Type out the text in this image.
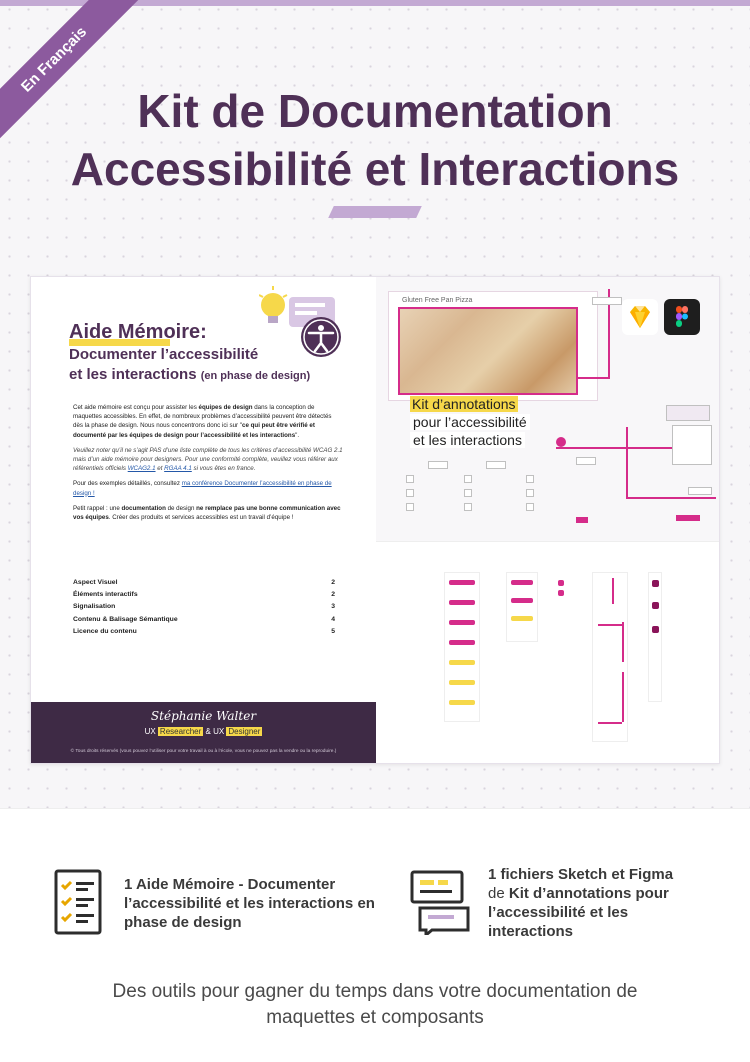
En Français
Kit de Documentation
Accessibilité et Interactions
Aide Mémoire:
Documenter l’accessibilité
et les interactions (en phase de design)

Cet aide mémoire est conçu pour assister les équipes de design dans la conception de maquettes accessibles. En effet, de nombreux problèmes d’accessibilité peuvent être détectés dès la phase de design. Nous nous concentrons donc ici sur "ce qui peut être vérifié et documenté par les équipes de design pour l’accessibilité et les interactions".

Veuillez noter qu’il ne s’agit PAS d’une liste complète de tous les critères d’accessibilité WCAG 2.1 mais d’un aide mémoire pour designers. Pour une conformité complète, veuillez vous référer aux référentiels officiels WCAG2.1 et RGAA 4.1 si vous êtes en france.

Pour des exemples détaillés, consultez ma conférence Documenter l’accessibilité en phase de design !

Petit rappel : une documentation de design ne remplace pas une bonne communication avec vos équipes. Créer des produits et services accessibles est un travail d’équipe !

Aspect Visuel	2
Éléments interactifs	2
Signalisation	3
Contenu & Balisage Sémantique	4
Licence du contenu	5
Stéphanie Walter
UX Researcher & UX Designer
© Tous droits réservés (vous pouvez l’utiliser pour votre travail à ou à l’école, vous ne pouvez pas la vendre ou la reproduire.)
Gluten Free Pan Pizza
Kit d’annotations
pour l’accessibilité
et les interactions
1 Aide Mémoire - Documenter
l’accessibilité et les interactions en
phase de design
1 fichiers Sketch et Figma
de Kit d’annotations pour
l’accessibilité et les
interactions
Des outils pour gagner du temps dans votre documentation de
maquettes et composants
